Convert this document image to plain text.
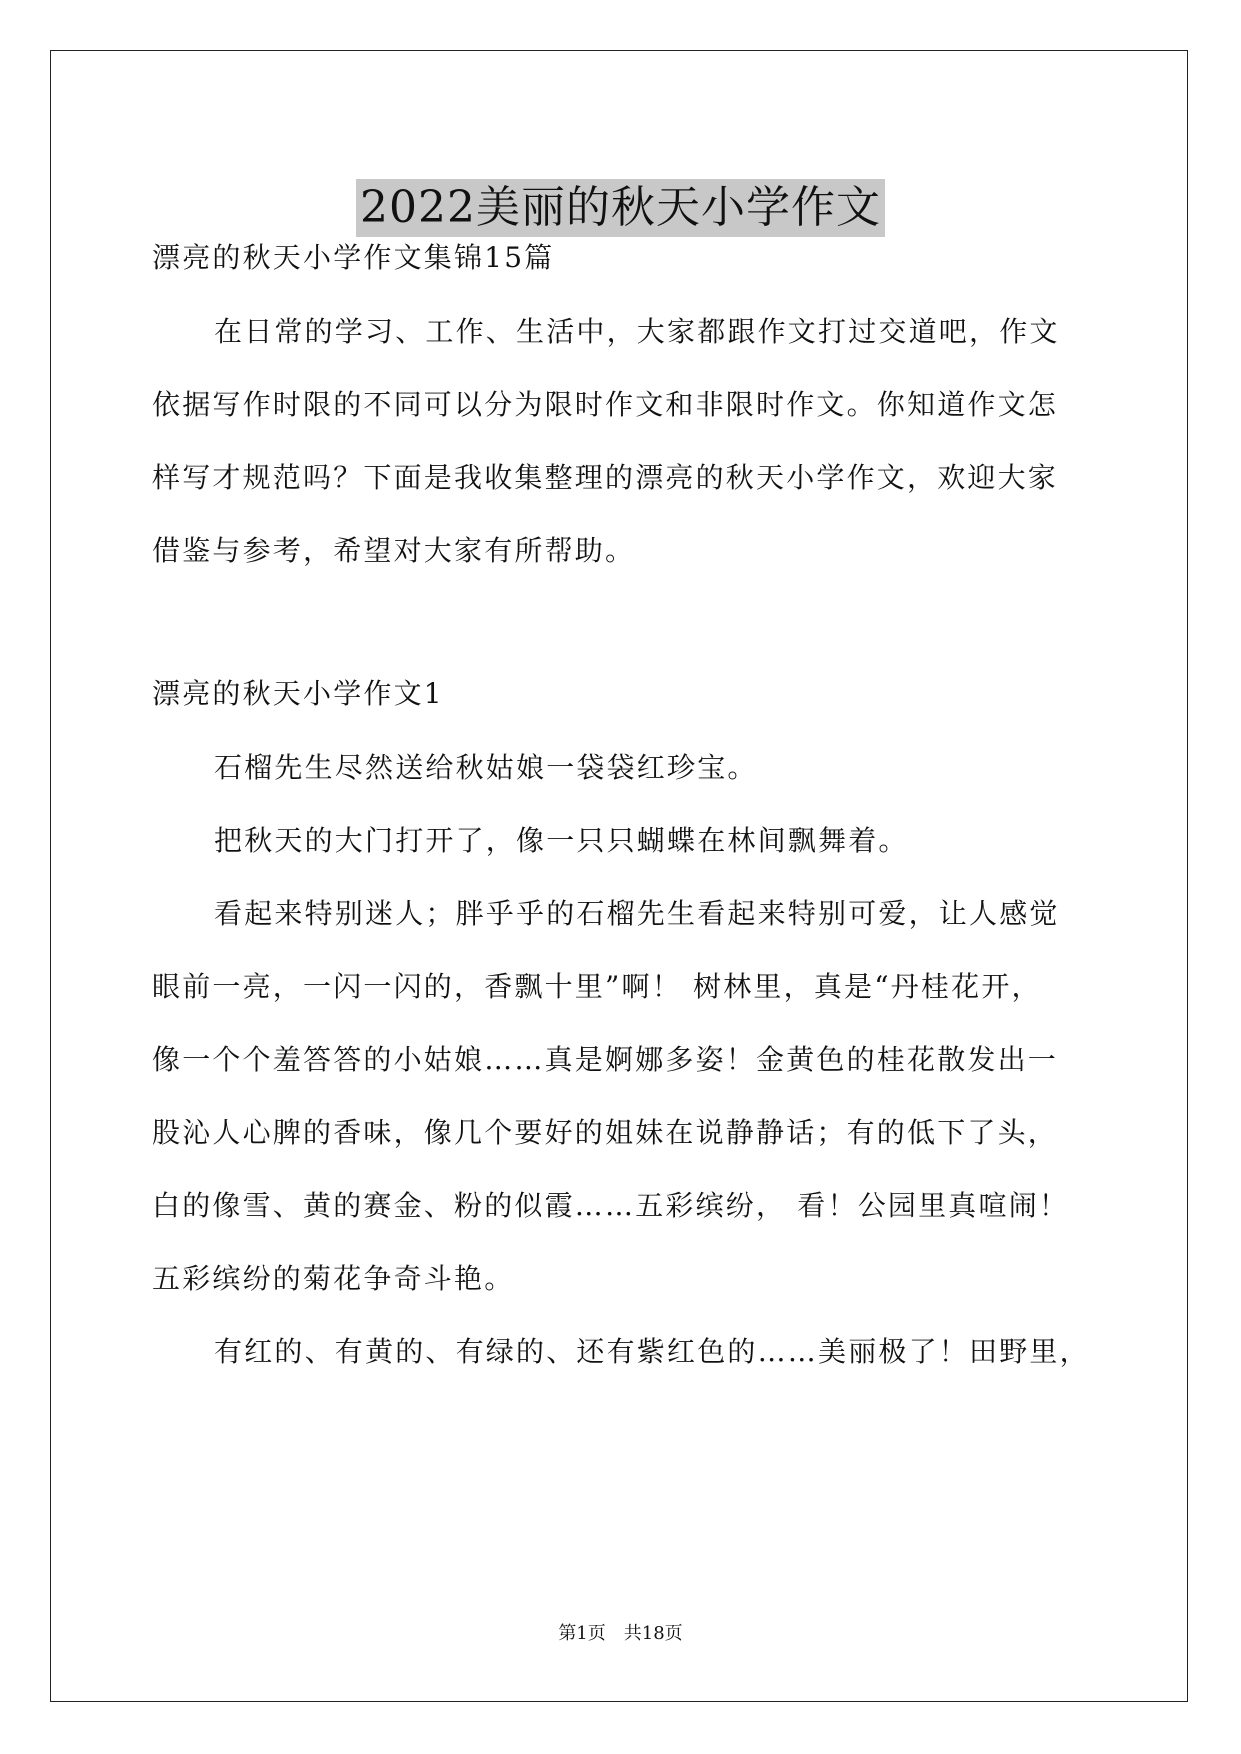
2022美丽的秋天小学作文
漂亮的秋天小学作文集锦15篇
在日常的学习、工作、生活中，大家都跟作文打过交道吧，作文
依据写作时限的不同可以分为限时作文和非限时作文。你知道作文怎
样写才规范吗？下面是我收集整理的漂亮的秋天小学作文，欢迎大家
借鉴与参考，希望对大家有所帮助。
漂亮的秋天小学作文1
石榴先生尽然送给秋姑娘一袋袋红珍宝。
把秋天的大门打开了，像一只只蝴蝶在林间飘舞着。
看起来特别迷人；胖乎乎的石榴先生看起来特别可爱，让人感觉
眼前一亮，一闪一闪的，香飘十里”啊！ 树林里，真是“丹桂花开，
像一个个羞答答的小姑娘……真是婀娜多姿！金黄色的桂花散发出一
股沁人心脾的香味，像几个要好的姐妹在说静静话；有的低下了头，
白的像雪、黄的赛金、粉的似霞……五彩缤纷， 看！公园里真喧闹！
五彩缤纷的菊花争奇斗艳。
有红的、有黄的、有绿的、还有紫红色的……美丽极了！田野里，
第1页　共18页
